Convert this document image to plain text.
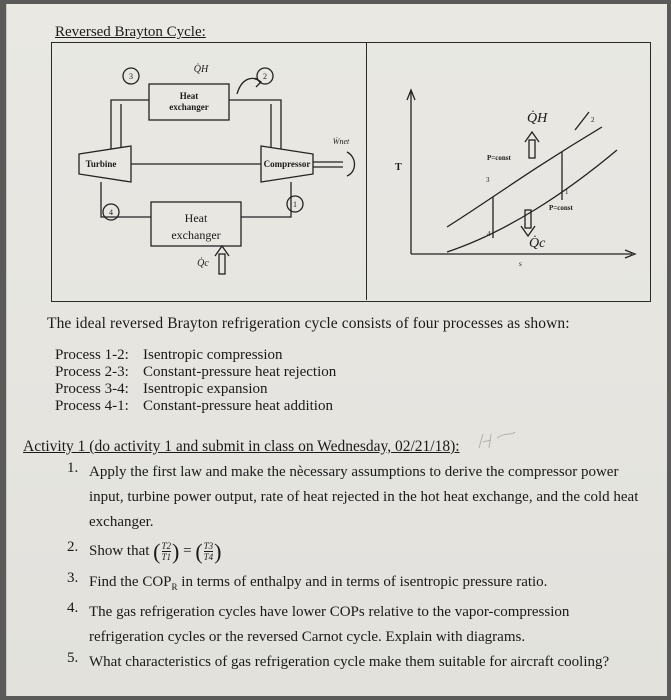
Reversed Brayton Cycle:
3	2
4
1
Heat
exchanger
Turbine	Compressor
Heat
exchanger
Q̇H
Q̇c
Ẇnet
T
s
Q̇H
Q̇c
P=const
P=const
3
4
1
2
The ideal reversed Brayton refrigeration cycle consists of four processes as shown:
Process 1-2: Isentropic compression
Process 2-3: Constant-pressure heat rejection
Process 3-4: Isentropic expansion
Process 4-1: Constant-pressure heat addition
Activity 1 (do activity 1 and submit in class on Wednesday, 02/21/18):
1. Apply the first law and make the nècessary assumptions to derive the compressor power input, turbine power output, rate of heat rejected in the hot heat exchange, and the cold heat exchanger.
2. Show that ( $\frac{T2}{T1}$ ) = ( $\frac{T3}{T4}$ )
3. Find the $COP_R$ in terms of enthalpy and in terms of isentropic pressure ratio.
4. The gas refrigeration cycles have lower COPs relative to the vapor-compression refrigeration cycles or the reversed Carnot cycle. Explain with diagrams.
5. What characteristics of gas refrigeration cycle make them suitable for aircraft cooling?
